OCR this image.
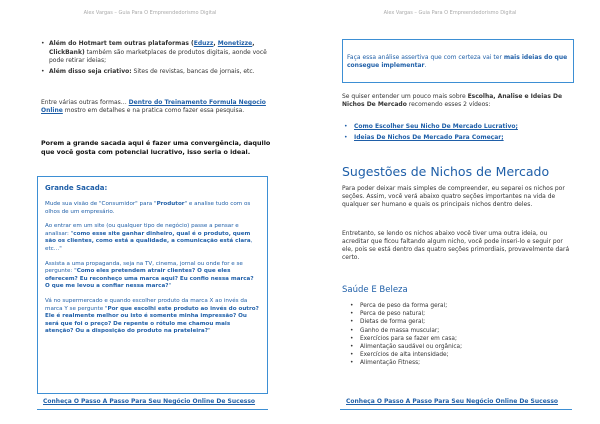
Alex Vargas – Guia Para O Empreendedorismo Digital
• Além do Hotmart tem outras plataformas (Eduzz, Monetizze, ClickBank) também são marketplaces de produtos digitais, aonde você pode retirar ideias;
• Além disso seja criativo: Sites de revistas, bancas de jornais, etc.

Entre várias outras formas… Dentro do Treinamento Formula Negocio Online mostro em detalhes e na pratica como fazer essa pesquisa.

Porem a grande sacada aqui é fazer uma convergência, daquilo que você gosta com potencial lucrativo, isso seria o ideal.

Grande Sacada:

Mude sua visão de "Consumidor" para "Produtor" e analise tudo com os olhos de um empresário.

Ao entrar em um site (ou qualquer tipo de negócio) passe a pensar e analisar: "como esse site ganhar dinheiro, qual é o produto, quem são os clientes, como está a qualidade, a comunicação está clara, etc…"

Assista a uma propaganda, seja na TV, cinema, jornal ou onde for e se pergunte: "Como eles pretendem atrair clientes? O que eles oferecem? Eu reconheço uma marca aqui? Eu confio nessa marca? O que me levou a confiar nessa marca?"

Vá no supermercado e quando escolher produto da marca X ao invés da marca Y se pergunte "Por que escolhi este produto ao invés do outro? Ele é realmente melhor ou isto é somente minha impressão? Ou será que foi o preço? De repente o rótulo me chamou mais atenção? Ou a disposição do produto na prateleira?"

Conheça O Passo A Passo Para Seu Negócio Online De Sucesso
Alex Vargas – Guia Para O Empreendedorismo Digital

Faça essa análise assertiva que com certeza vai ter mais ideias do que consegue implementar.

Se quiser entender um pouco mais sobre Escolha, Analise e Ideias De Nichos De Mercado recomendo esses 2 vídeos:

• Como Escolher Seu Nicho De Mercado Lucrativo;
• Ideias De Nichos De Mercado Para Começar;
Sugestões de Nichos de Mercado

Para poder deixar mais simples de compreender, eu separei os nichos por seções. Assim, você verá abaixo quatro seções importantes na vida de qualquer ser humano e quais os principais nichos dentro deles.

Entretanto, se lendo os nichos abaixo você tiver uma outra ideia, ou acreditar que ficou faltando algum nicho, você pode inseri-lo e seguir por ele, pois se está dentro das quatro seções primordiais, provavelmente dará certo.

Saúde E Beleza
• Perca de peso da forma geral;
• Perca de peso natural;
• Dietas de forma geral;
• Ganho de massa muscular;
• Exercícios para se fazer em casa;
• Alimentação saudável ou orgânica;
• Exercícios de alta intensidade;
• Alimentação Fitness;
Conheça O Passo A Passo Para Seu Negócio Online De Sucesso
